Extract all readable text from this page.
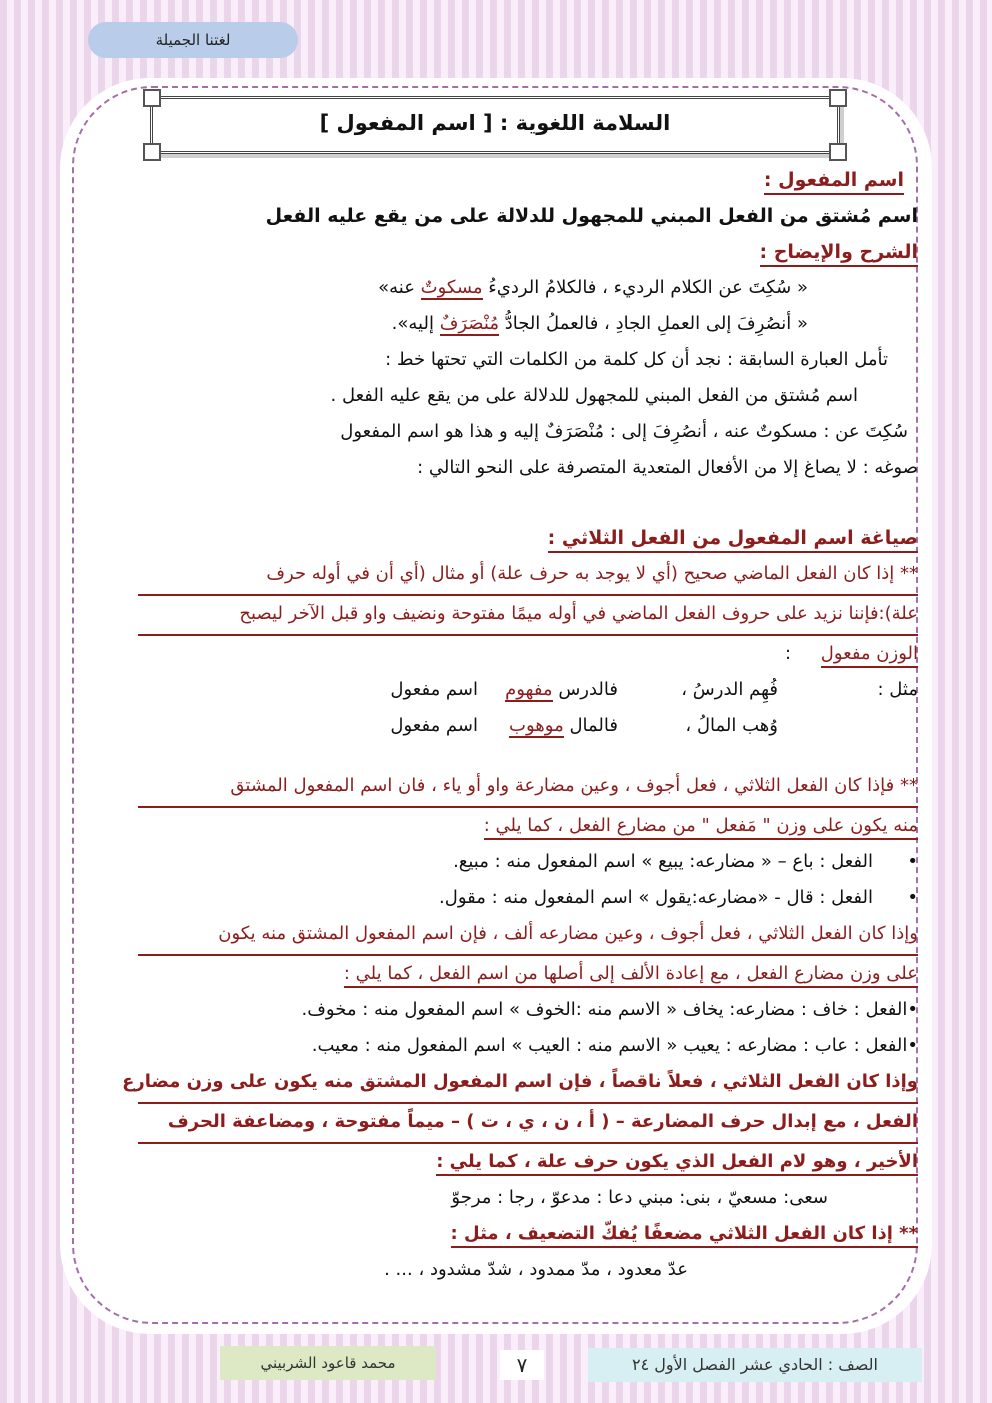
لغتنا الجميلة
السلامة اللغوية : [ اسم المفعول ]
اسم المفعول :
اسم مُشتق من الفعل المبني للمجهول للدلالة على من يقع عليه الفعل
الشرح والإيضاح :
« سُكِتَ عن الكلام الرديء ، فالكلامُ الرديءُ مسكوتٌ عنه»
« أنصُرِفَ إلى العملِ الجادِ ، فالعملُ الجادُّ مُنْصَرَفٌ إليه».
تأمل العبارة السابقة : نجد أن كل كلمة من الكلمات التي تحتها خط :
اسم مُشتق من الفعل المبني للمجهول للدلالة على من يقع عليه الفعل .
سُكِتَ عن : مسكوتٌ عنه ، أنصُرِفَ إلى : مُنْصَرَفٌ إليه و هذا هو اسم المفعول
صوغه : لا يصاغ إلا من الأفعال المتعدية المتصرفة على النحو التالي :
صياغة اسم المفعول من الفعل الثلاثي :
** إذا كان الفعل الماضي صحيح (أي لا يوجد به حرف علة) أو مثال (أي أن في أوله حرف علة):فإننا نزيد على حروف الفعل الماضي في أوله ميمًا مفتوحة ونضيف واو قبل الآخر ليصبح
الوزن مفعول :
مثل :
فُهِم الدرسُ ،
فالدرس مفهوم
اسم مفعول
وُهب المالُ ،
فالمال موهوب
اسم مفعول
** فإذا كان الفعل الثلاثي ، فعل أجوف ، وعين مضارعة واو أو ياء ، فان اسم المفعول المشتق
منه يكون على وزن " مَفعل " من مضارع الفعل ، كما يلي :
•      الفعل : باع – « مضارعه: يبيع » اسم المفعول منه : مبيع.
•      الفعل : قال - «مضارعه:يقول » اسم المفعول منه : مقول.
وإذا كان الفعل الثلاثي ، فعل أجوف ، وعين مضارعه ألف ، فإن اسم المفعول المشتق منه يكون
على وزن مضارع الفعل ، مع إعادة الألف إلى أصلها من اسم الفعل ، كما يلي :
•الفعل : خاف : مضارعه: يخاف « الاسم منه :الخوف » اسم المفعول منه : مخوف.
•الفعل : عاب : مضارعه : يعيب « الاسم منه : العيب » اسم المفعول منه : معيب.
وإذا كان الفعل الثلاثي ، فعلاً ناقصاً ، فإن اسم المفعول المشتق منه يكون على وزن مضارع الفعل ، مع إبدال حرف المضارعة – ( أ ، ن ، ي ، ت ) – ميماً مفتوحة ، ومضاعفة الحرف
الأخير ، وهو لام الفعل الذي يكون حرف علة ، كما يلي :
سعى: مسعيّ ، بنى: مبني دعا : مدعوّ ، رجا : مرجوّ
** إذا كان الفعل الثلاثي مضعفًا يُفكّ التضعيف ، مثل :
عدّ معدود ، مدّ ممدود ، شدّ مشدود ، ... .
محمد قاعود الشربيني	٧	الصف : الحادي عشر الفصل الأول ٢٤
